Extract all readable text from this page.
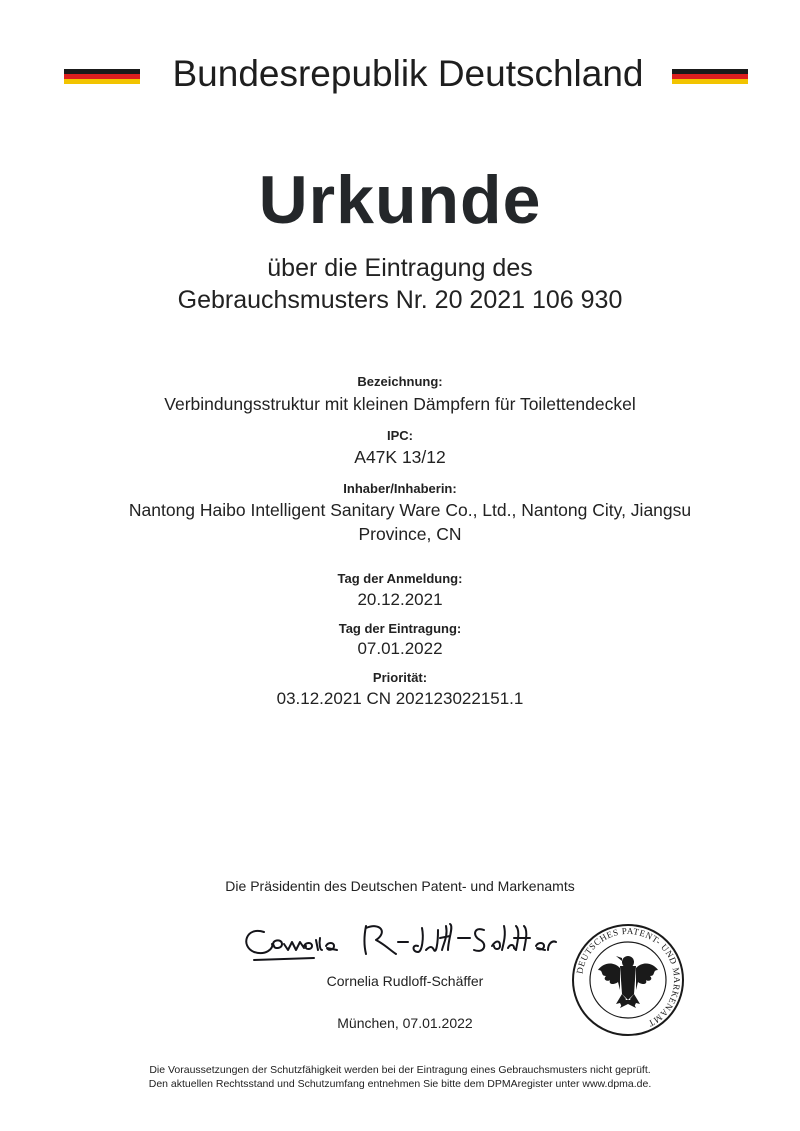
Bundesrepublik Deutschland
Urkunde
über die Eintragung des
Gebrauchsmusters Nr. 20 2021 106 930
Bezeichnung:
Verbindungsstruktur mit kleinen Dämpfern für Toilettendeckel
IPC:
A47K 13/12
Inhaber/Inhaberin:
Nantong Haibo Intelligent Sanitary Ware Co., Ltd., Nantong City, Jiangsu
Province, CN
Tag der Anmeldung:
20.12.2021
Tag der Eintragung:
07.01.2022
Priorität:
03.12.2021 CN 202123022151.1
Die Präsidentin des Deutschen Patent- und Markenamts
Cornelia Rudloff-Schäffer
DEUTSCHES PATENT- UND MARKENAMT
München, 07.01.2022
Die Voraussetzungen der Schutzfähigkeit werden bei der Eintragung eines Gebrauchsmusters nicht geprüft.
Den aktuellen Rechtsstand und Schutzumfang entnehmen Sie bitte dem DPMAregister unter www.dpma.de.
